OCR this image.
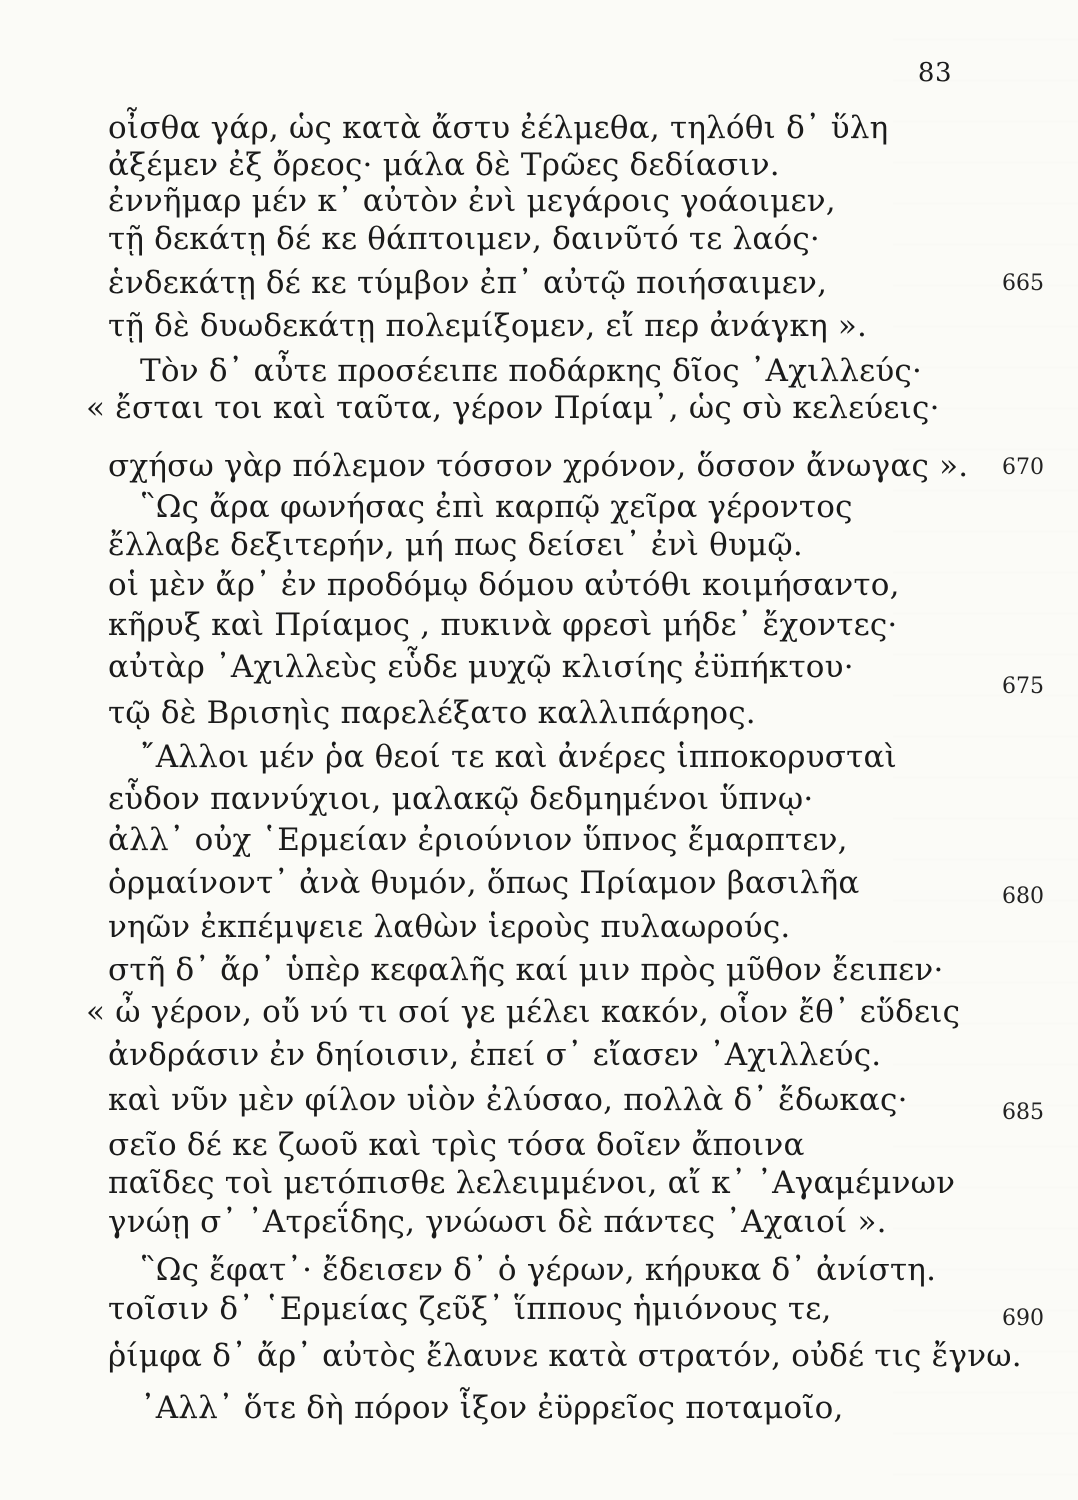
83
οἶσθα γάρ, ὡς κατὰ ἄστυ ἐέλμεθα, τηλόθι δ᾽ ὕλη
ἀξέμεν ἐξ ὄρεος· μάλα δὲ Τρῶες δεδίασιν.
ἐννῆμαρ μέν κ᾽ αὐτὸν ἐνὶ μεγάροις γοάοιμεν,
τῇ δεκάτῃ δέ κε θάπτοιμεν, δαινῦτό τε λαός·
ἑνδεκάτῃ δέ κε τύμβον ἐπ᾽ αὐτῷ ποιήσαιμεν,
τῇ δὲ δυωδεκάτῃ πολεμίξομεν, εἴ περ ἀνάγκη ».
Τὸν δ᾽ αὖτε προσέειπε ποδάρκης δῖος ᾿Αχιλλεύς·
« ἔσται τοι καὶ ταῦτα, γέρον Πρίαμ᾽, ὡς σὺ κελεύεις·
σχήσω γὰρ πόλεμον τόσσον χρόνον, ὅσσον ἄνωγας ».
῝Ως ἄρα φωνήσας ἐπὶ καρπῷ χεῖρα γέροντος
ἔλλαβε δεξιτερήν, μή πως δείσει᾽ ἐνὶ θυμῷ.
οἱ μὲν ἄρ᾽ ἐν προδόμῳ δόμου αὐτόθι κοιμήσαντο,
κῆρυξ καὶ Πρίαμος , πυκινὰ φρεσὶ μήδε᾽ ἔχοντες·
αὐτὰρ ᾿Αχιλλεὺς εὗδε μυχῷ κλισίης ἐϋπήκτου·
τῷ δὲ Βρισηὶς παρελέξατο καλλιπάρηος.
῎Αλλοι μέν ῥα θεοί τε καὶ ἀνέρες ἱπποκορυσταὶ
εὗδον παννύχιοι, μαλακῷ δεδμημένοι ὕπνῳ·
ἀλλ᾽ οὐχ ῾Ερμείαν ἐριούνιον ὕπνος ἔμαρπτεν,
ὁρμαίνοντ᾽ ἀνὰ θυμόν, ὅπως Πρίαμον βασιλῆα
νηῶν ἐκπέμψειε λαθὼν ἱεροὺς πυλαωρούς.
στῆ δ᾽ ἄρ᾽ ὑπὲρ κεφαλῆς καί μιν πρὸς μῦθον ἔειπεν·
« ὦ γέρον, οὔ νύ τι σοί γε μέλει κακόν, οἷον ἔθ᾽ εὕδεις
ἀνδράσιν ἐν δηίοισιν, ἐπεί σ᾽ εἴασεν ᾿Αχιλλεύς.
καὶ νῦν μὲν φίλον υἱὸν ἐλύσαο, πολλὰ δ᾽ ἔδωκας·
σεῖο δέ κε ζωοῦ καὶ τρὶς τόσα δοῖεν ἄποινα
παῖδες τοὶ μετόπισθε λελειμμένοι, αἴ κ᾽ ᾿Αγαμέμνων
γνώῃ σ᾽ ᾿Ατρεΐδης, γνώωσι δὲ πάντες ᾿Αχαιοί ».
῝Ως ἔφατ᾽· ἔδεισεν δ᾽ ὁ γέρων, κήρυκα δ᾽ ἀνίστη.
τοῖσιν δ᾽ ῾Ερμείας ζεῦξ᾽ ἵππους ἡμιόνους τε,
ῥίμφα δ᾽ ἄρ᾽ αὐτὸς ἔλαυνε κατὰ στρατόν, οὐδέ τις ἔγνω.
᾿Αλλ᾽ ὅτε δὴ πόρον ἷξον ἐϋρρεῖος ποταμοῖο,
665
670
675
680
685
690
